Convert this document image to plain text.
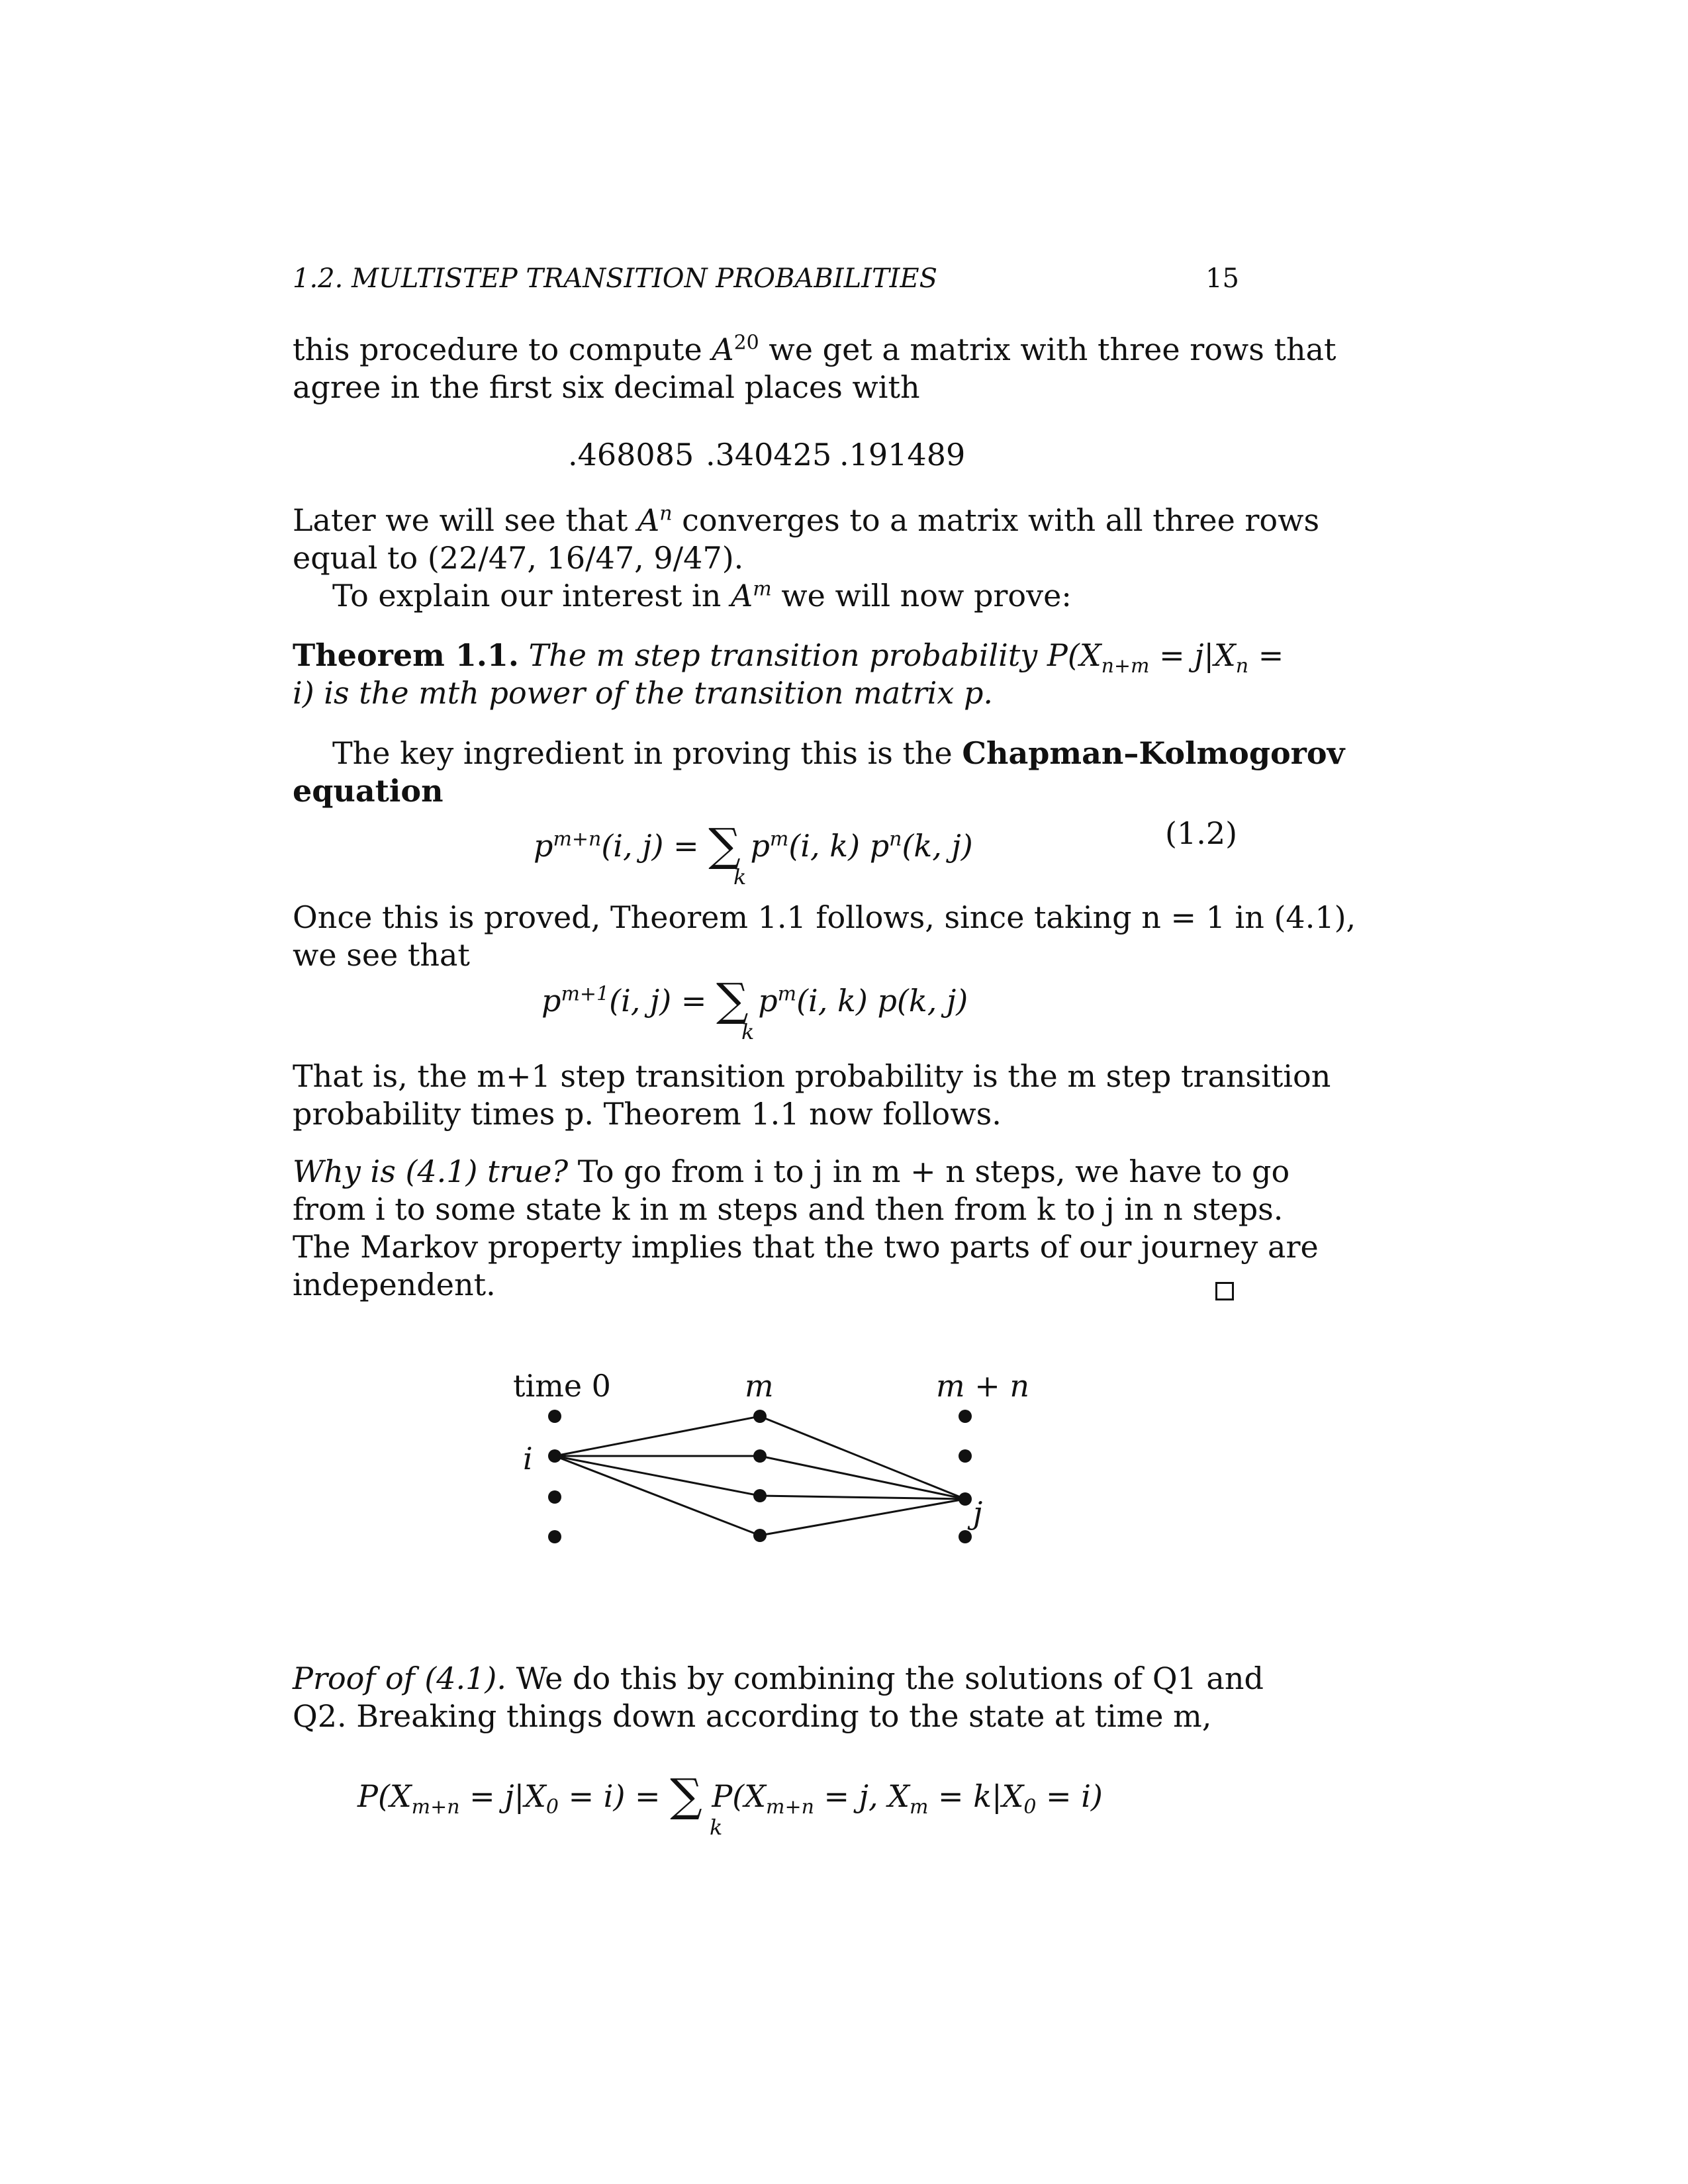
1.2. MULTISTEP TRANSITION PROBABILITIES	15
this procedure to compute $A^{20}$ we get a matrix with three rows that
agree in the first six decimal places with
.468085 .340425 .191489
Later we will see that $A^n$ converges to a matrix with all three rows
equal to (22/47, 16/47, 9/47).
To explain our interest in $A^m$ we will now prove:
Theorem 1.1. The m step transition probability $P(X_{n+m} = j|X_n$ =
i) is the mth power of the transition matrix p.
The key ingredient in proving this is the Chapman–Kolmogorov
equation
$p^{m+n}(i$, j) = ∑ $p^m(i$, k) $p^n(k$, j)
k
(1.2)
Once this is proved, Theorem 1.1 follows, since taking n = 1 in (4.1),
we see that
$p^{m+1}(i$, j) = ∑ $p^m(i$, k) p(k, j)
k
That is, the m+1 step transition probability is the m step transition
probability times p. Theorem 1.1 now follows.
Why is (4.1) true? To go from i to j in m + n steps, we have to go
from i to some state k in m steps and then from k to j in n steps.
The Markov property implies that the two parts of our journey are
independent.
time 0	m	m + n
i
j
Proof of (4.1). We do this by combining the solutions of Q1 and
Q2. Breaking things down according to the state at time m,
$P(X_{m+n} = j|X_0 = i)$ = ∑ $P(X_{m+n} = j$, $X_m = k|X_0 = i$)
k
